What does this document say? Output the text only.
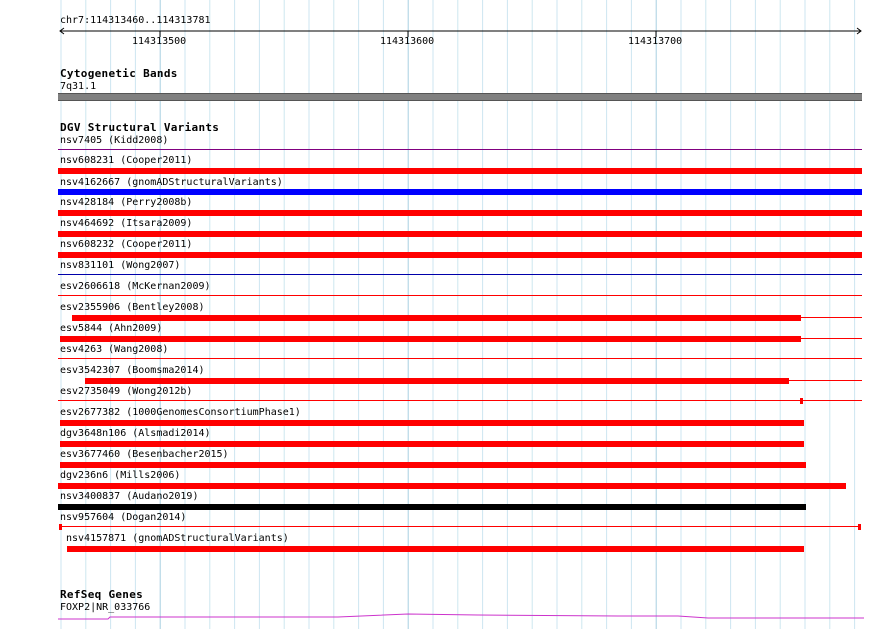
chr7:114313460..114313781
114313500	114313600	114313700
Cytogenetic Bands
7q31.1
DGV Structural Variants
nsv7405 (Kidd2008)
nsv608231 (Cooper2011)
nsv4162667 (gnomADStructuralVariants)
nsv428184 (Perry2008b)
nsv464692 (Itsara2009)
nsv608232 (Cooper2011)
nsv831101 (Wong2007)
esv2606618 (McKernan2009)
esv2355906 (Bentley2008)
esv5844 (Ahn2009)
esv4263 (Wang2008)
esv3542307 (Boomsma2014)
esv2735049 (Wong2012b)
esv2677382 (1000GenomesConsortiumPhase1)
dgv3648n106 (Alsmadi2014)
esv3677460 (Besenbacher2015)
dgv236n6 (Mills2006)
nsv3400837 (Audano2019)
nsv957604 (Dogan2014)
nsv4157871 (gnomADStructuralVariants)
RefSeq Genes
FOXP2|NR_033766
